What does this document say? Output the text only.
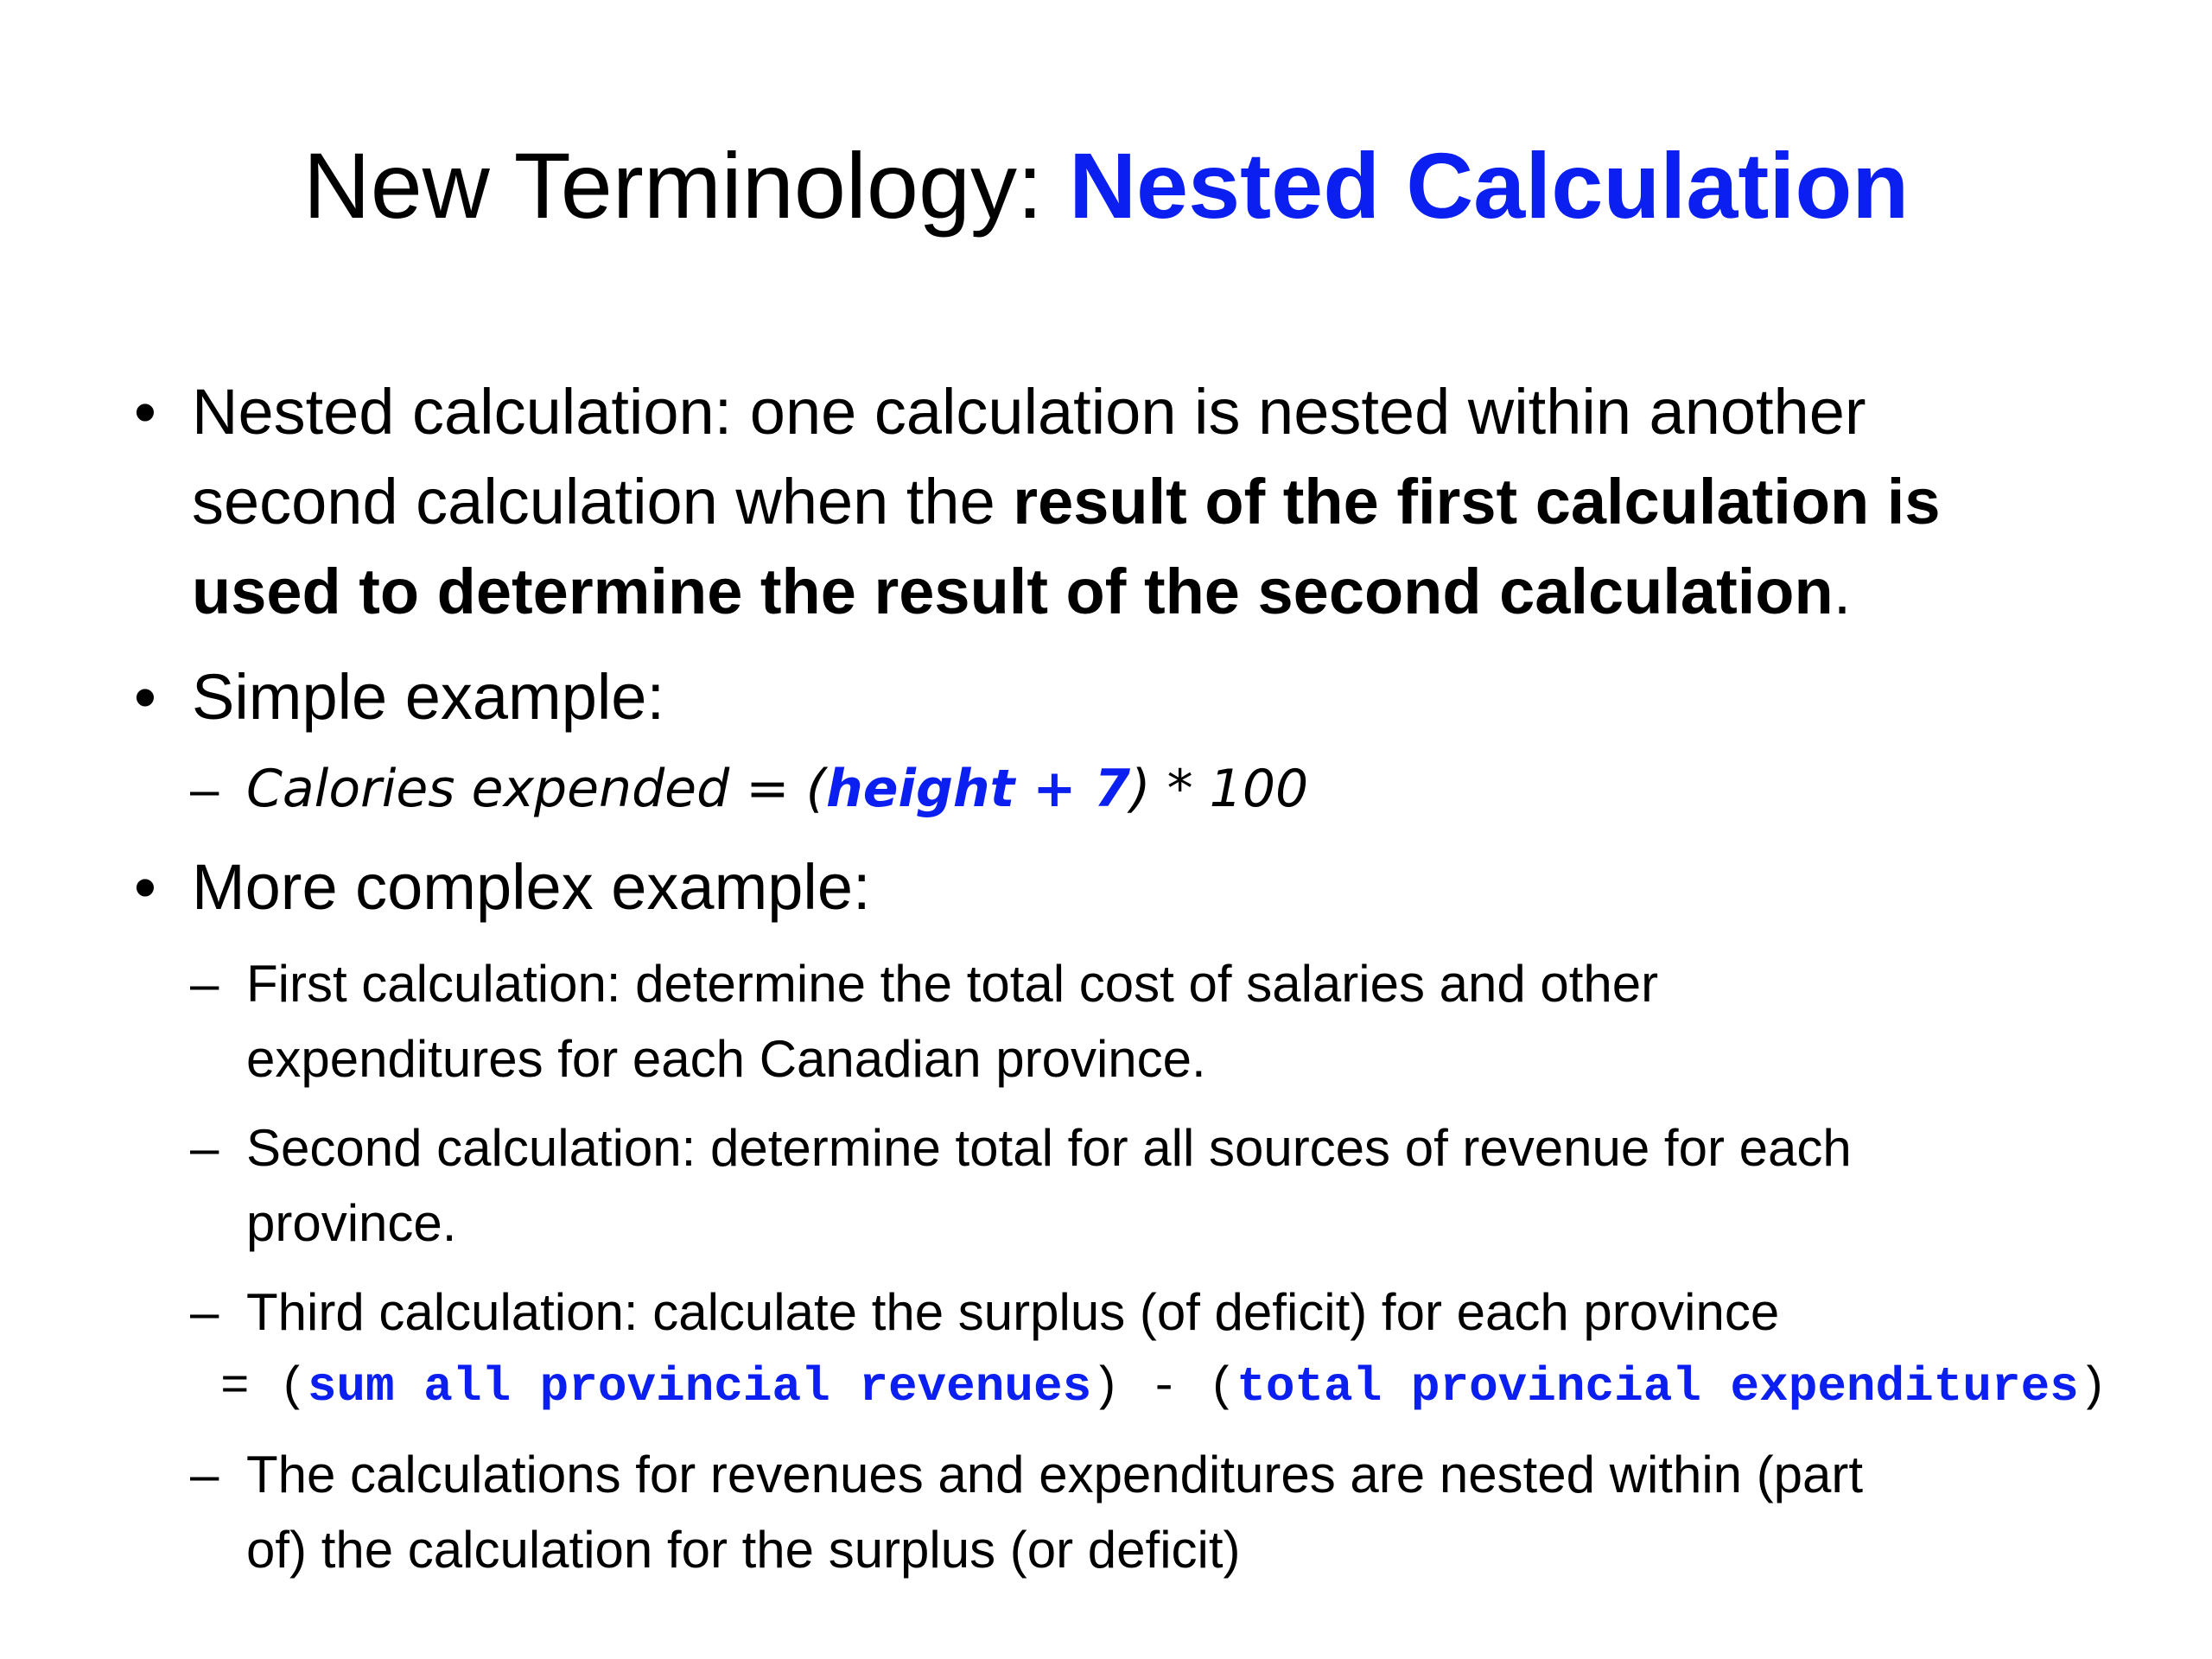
New Terminology: Nested Calculation
• Nested calculation: one calculation is nested within another
second calculation when the result of the first calculation is
used to determine the result of the second calculation.
• Simple example:
– Calories expended = (height + 7) * 100
• More complex example:
– First calculation: determine the total cost of salaries and other
expenditures for each Canadian province.
– Second calculation: determine total for all sources of revenue for each
province.
– Third calculation: calculate the surplus (of deficit) for each province
= (sum all provincial revenues) - (total provincial expenditures)
– The calculations for revenues and expenditures are nested within (part
of) the calculation for the surplus (or deficit)
